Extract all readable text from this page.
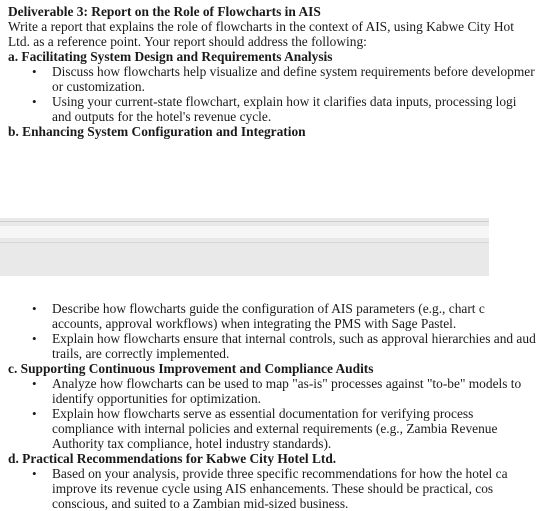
Deliverable 3: Report on the Role of Flowcharts in AIS
Write a report that explains the role of flowcharts in the context of AIS, using Kabwe City Hot
Ltd. as a reference point. Your report should address the following:
a. Facilitating System Design and Requirements Analysis
• Discuss how flowcharts help visualize and define system requirements before developmer
or customization.
• Using your current-state flowchart, explain how it clarifies data inputs, processing logi
and outputs for the hotel's revenue cycle.
b. Enhancing System Configuration and Integration
• Describe how flowcharts guide the configuration of AIS parameters (e.g., chart c
accounts, approval workflows) when integrating the PMS with Sage Pastel.
• Explain how flowcharts ensure that internal controls, such as approval hierarchies and aud
trails, are correctly implemented.
c. Supporting Continuous Improvement and Compliance Audits
• Analyze how flowcharts can be used to map "as-is" processes against "to-be" models to
identify opportunities for optimization.
• Explain how flowcharts serve as essential documentation for verifying process
compliance with internal policies and external requirements (e.g., Zambia Revenue
Authority tax compliance, hotel industry standards).
d. Practical Recommendations for Kabwe City Hotel Ltd.
• Based on your analysis, provide three specific recommendations for how the hotel ca
improve its revenue cycle using AIS enhancements. These should be practical, cos
conscious, and suited to a Zambian mid-sized business.
